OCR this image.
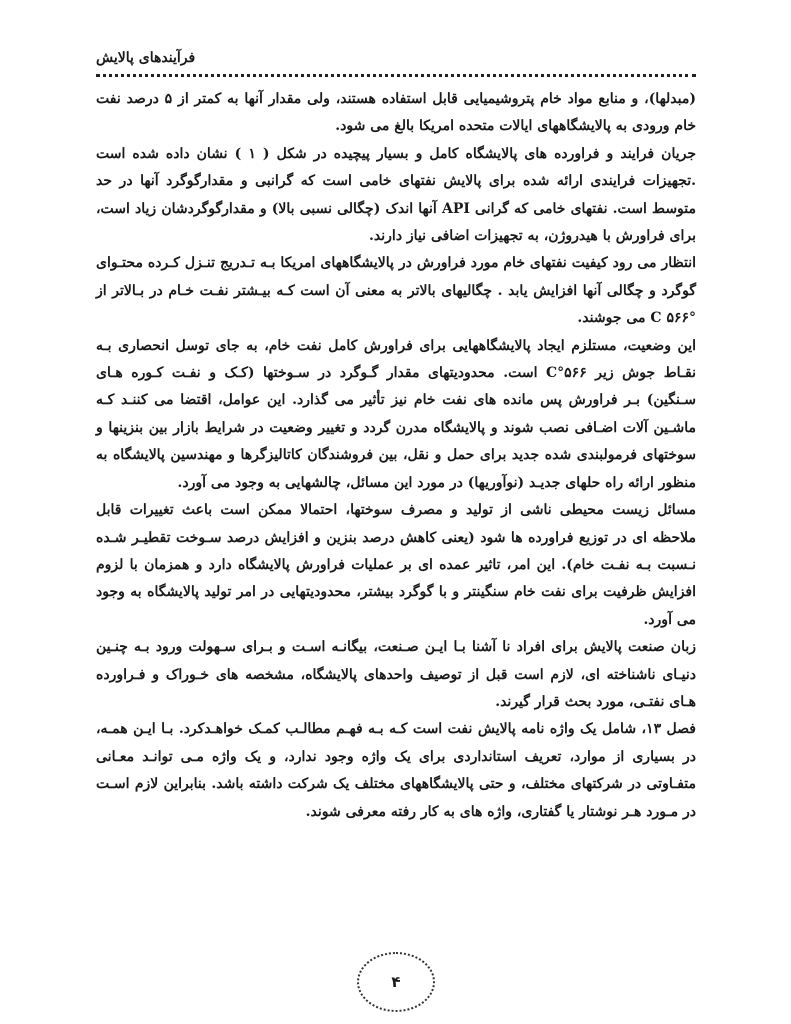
فرآیندهای پالایش

(مبدلها)، و منابع مواد خام پتروشیمیایی قابل استفاده هستند، ولی مقدار آنها به کمتر از ۵ درصد نفت خام ورودی به پالایشگاههای ایالات متحده امریکا بالغ می شود.

جریان فرایند و فراورده های پالایشگاه کامل و بسیار پیچیده در شکل ( ۱ ) نشان داده شده است .تجهیزات فرایندی ارائه شده برای پالایش نفتهای خامی است که گرانبی و مقدارگوگرد آنها در حد متوسط است. نفتهای خامی که گرانی API آنها اندک (چگالی نسبی بالا) و مقدارگوگردشان زیاد است، برای فراورش با هیدروژن، به تجهیزات اضافی نیاز دارند.

انتظار می رود کیفیت نفتهای خام مورد فراورش در پالایشگاههای امریکا بـه تـدریج تنـزل کـرده محتـوای گوگرد و چگالی آنها افزایش یابد . چگالیهای بالاتر به معنی آن است کـه بیـشتر نفـت خـام در بـالاتر از °C ۵۶۶ می جوشند.

این وضعیت، مستلزم ایجاد پالایشگاههایی برای فراورش کامل نفت خام، به جای توسل انحصاری بـه نقـاط جوش زیر ۵۶۶°C است. محدودیتهای مقدار گـوگرد در سـوختها (کـک و نفـت کـوره هـای سـنگین) بـر فراورش پس مانده های نفت خام نیز تأثیر می گذارد. این عوامل، اقتضا می کننـد کـه ماشـین آلات اضـافی نصب شوند و پالایشگاه مدرن گردد و تغییر وضعیت در شرایط بازار بین بنزینها و سوختهای فرمولبندی شده جدید برای حمل و نقل، بین فروشندگان کاتالیزگرها و مهندسین پالایشگاه به منظور ارائه راه حلهای جدیـد (نوآوریها) در مورد این مسائل، چالشهایی به وجود می آورد.

مسائل زیست محیطی ناشی از تولید و مصرف سوختها، احتمالا ممکن است باعث تغییرات قابل ملاحظه ای در توزیع فراورده ها شود (یعنی کاهش درصد بنزین و افزایش درصد سـوخت تقطیـر شـده نـسبت بـه نفـت خام). این امر، تاثیر عمده ای بر عملیات فراورش پالایشگاه دارد و همزمان با لزوم افزایش ظرفیت برای نفت خام سنگینتر و با گوگرد بیشتر، محدودیتهایی در امر تولید پالایشگاه به وجود می آورد.

زبان صنعت پالایش برای افراد نا آشنا بـا ایـن صـنعت، بیگانـه اسـت و بـرای سـهولت ورود بـه چنـین دنیـای ناشناخته ای، لازم است قبل از توصیف واحدهای پالایشگاه، مشخصه های خـوراک و فـراورده هـای نفتـی، مورد بحث قرار گیرند.

فصل ۱۳، شامل یک واژه نامه پالایش نفت است کـه بـه فهـم مطالـب کمـک خواهـدکرد. بـا ایـن همـه، در بسیاری از موارد، تعریف استانداردی برای یک واژه وجود ندارد، و یک واژه مـی توانـد معـانی متفـاوتی در شرکتهای مختلف، و حتی پالایشگاههای مختلف یک شرکت داشته باشد. بنابراین لازم اسـت در مـورد هـر نوشتار یا گفتاری، واژه های به کار رفته معرفی شوند.

۴
